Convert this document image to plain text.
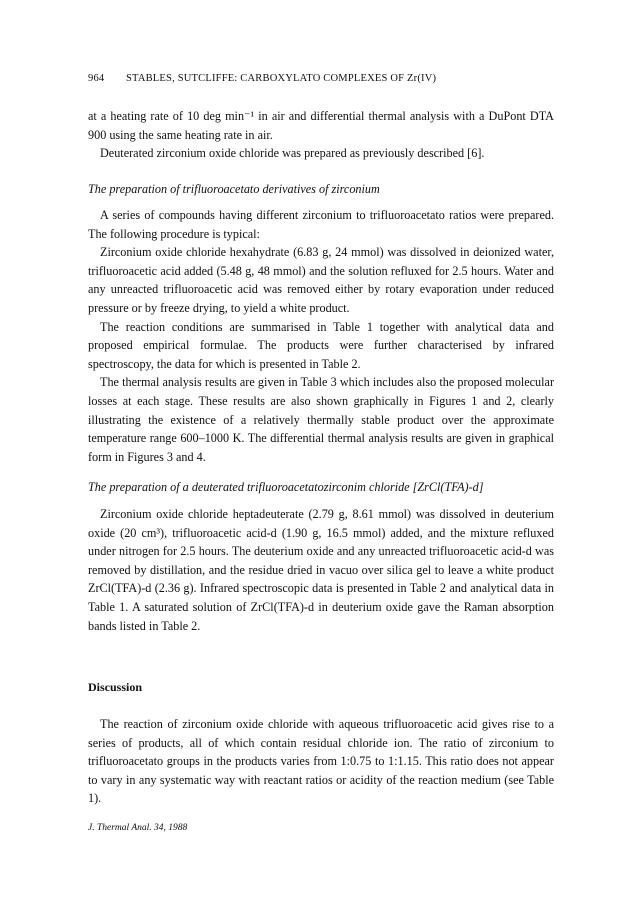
964 STABLES, SUTCLIFFE: CARBOXYLATO COMPLEXES OF Zr(IV)

at a heating rate of 10 deg min⁻¹ in air and differential thermal analysis with a DuPont DTA 900 using the same heating rate in air.

Deuterated zirconium oxide chloride was prepared as previously described [6].

The preparation of trifluoroacetato derivatives of zirconium

A series of compounds having different zirconium to trifluoroacetato ratios were prepared. The following procedure is typical:

Zirconium oxide chloride hexahydrate (6.83 g, 24 mmol) was dissolved in deionized water, trifluoroacetic acid added (5.48 g, 48 mmol) and the solution refluxed for 2.5 hours. Water and any unreacted trifluoroacetic acid was removed either by rotary evaporation under reduced pressure or by freeze drying, to yield a white product.

The reaction conditions are summarised in Table 1 together with analytical data and proposed empirical formulae. The products were further characterised by infrared spectroscopy, the data for which is presented in Table 2.

The thermal analysis results are given in Table 3 which includes also the proposed molecular losses at each stage. These results are also shown graphically in Figures 1 and 2, clearly illustrating the existence of a relatively thermally stable product over the approximate temperature range 600–1000 K. The differential thermal analysis results are given in graphical form in Figures 3 and 4.

The preparation of a deuterated trifluoroacetatozirconim chloride [ZrCl(TFA)-d]

Zirconium oxide chloride heptadeuterate (2.79 g, 8.61 mmol) was dissolved in deuterium oxide (20 cm³), trifluoroacetic acid-d (1.90 g, 16.5 mmol) added, and the mixture refluxed under nitrogen for 2.5 hours. The deuterium oxide and any unreacted trifluoroacetic acid-d was removed by distillation, and the residue dried in vacuo over silica gel to leave a white product ZrCl(TFA)-d (2.36 g). Infrared spectroscopic data is presented in Table 2 and analytical data in Table 1. A saturated solution of ZrCl(TFA)-d in deuterium oxide gave the Raman absorption bands listed in Table 2.

Discussion

The reaction of zirconium oxide chloride with aqueous trifluoroacetic acid gives rise to a series of products, all of which contain residual chloride ion. The ratio of zirconium to trifluoroacetato groups in the products varies from 1:0.75 to 1:1.15. This ratio does not appear to vary in any systematic way with reactant ratios or acidity of the reaction medium (see Table 1).

J. Thermal Anal. 34, 1988
